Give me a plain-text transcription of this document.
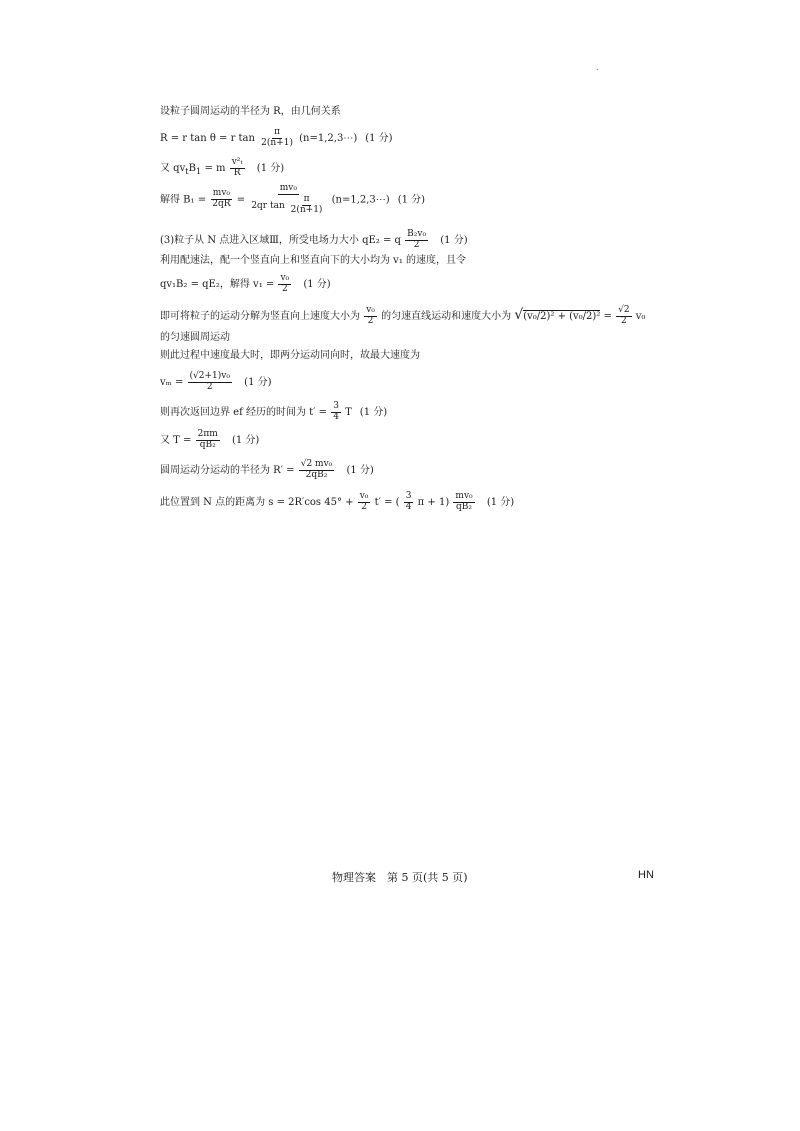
.
设粒子圆周运动的半径为 R，由几何关系
R = r tan θ = r $\tan \frac{\pi}{2(n+1)}$ (n=1,2,3⋯) (1 分)
又 $qv_tB_1 = m \frac{\text{v²ₜ}}{R} (1$ 分)
解得 $B_1 = \frac{\text{mv₀}}{2qR} = \frac{\text{mv₀}}{2qr \tan \frac{\pi}{2(n+1)}}$ (n=1,2,3⋯) (1 分)
(3)粒子从 N 点进入区域Ⅲ，所受电场力大小 qE₂ = q $\frac{\text{B₂v₀}}{2} (1$ 分)
利用配速法，配一个竖直向上和竖直向下的大小均为 v₁ 的速度，且令
qv₁B₂ = qE₂，解得 $v_1 = \frac{\text{v₀}}{2} (1$ 分)
即可将粒子的运动分解为竖直向上速度大小为 $\frac{\text{v₀}}{2}$ 的匀速直线运动和速度大小为 $√(v_0/2)^2 + (v_0/2)^2 = \frac{√2}{2} v_0$
的匀速圆周运动
则此过程中速度最大时，即两分运动同向时，故最大速度为
$v_m = \frac{\text{(√2+1)v₀}}{2} (1$ 分)
则再次返回边界 ef 经历的时间为 $t' = \frac{3}{4}$ T (1 分)
又 $T = \frac{2\pi m}{\text{qB₂}} (1$ 分)
圆周运动分运动的半径为 $R' = \frac{\text{√2 mv₀}}{\text{2qB₂}} (1$ 分)
此位置到 N 点的距离为 s = 2R′cos $45^\circ + \frac{\text{v₀}}{2} t'$ = ( $\frac{3}{4}$ $\pi + 1) \frac{\text{mv₀}}{\text{qB₂}} (1$ 分)
物理答案　第 5 页(共 5 页)	HN
